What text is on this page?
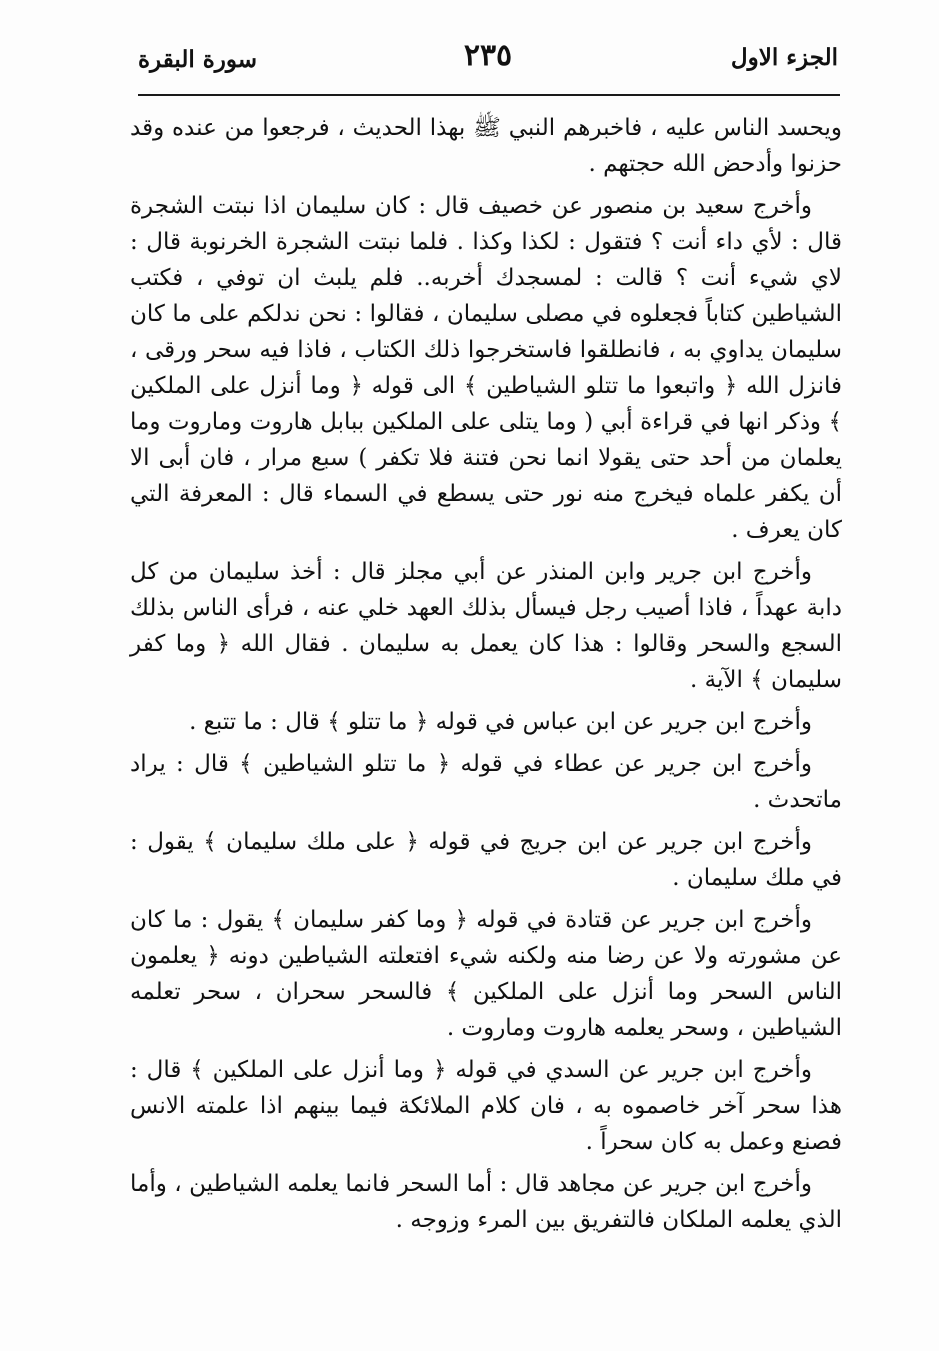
الجزء الاول
٢٣٥
سورة البقرة

ويحسد الناس عليه ، فاخبرهم النبي ﷺ بهذا الحديث ، فرجعوا من عنده وقد حزنوا وأدحض الله حجتهم .

وأخرج سعيد بن منصور عن خصيف قال : كان سليمان اذا نبتت الشجرة قال : لأي داء أنت ؟ فتقول : لكذا وكذا . فلما نبتت الشجرة الخرنوبة قال : لاي شيء أنت ؟ قالت : لمسجدك أخربه.. فلم يلبث ان توفي ، فكتب الشياطين كتاباً فجعلوه في مصلى سليمان ، فقالوا : نحن ندلكم على ما كان سليمان يداوي به ، فانطلقوا فاستخرجوا ذلك الكتاب ، فاذا فيه سحر ورقى ، فانزل الله ﴿ واتبعوا ما تتلو الشياطين ﴾ الى قوله ﴿ وما أنزل على الملكين ﴾ وذكر انها في قراءة أبي ( وما يتلى على الملكين ببابل هاروت وماروت وما يعلمان من أحد حتى يقولا انما نحن فتنة فلا تكفر ) سبع مرار ، فان أبى الا أن يكفر علماه فيخرج منه نور حتى يسطع في السماء قال : المعرفة التي كان يعرف .

وأخرج ابن جرير وابن المنذر عن أبي مجلز قال : أخذ سليمان من كل دابة عهداً ، فاذا أصيب رجل فيسأل بذلك العهد خلي عنه ، فرأى الناس بذلك السجع والسحر وقالوا : هذا كان يعمل به سليمان . فقال الله ﴿ وما كفر سليمان ﴾ الآية .

وأخرج ابن جرير عن ابن عباس في قوله ﴿ ما تتلو ﴾ قال : ما تتبع .

وأخرج ابن جرير عن عطاء في قوله ﴿ ما تتلو الشياطين ﴾ قال : يراد ماتحدث .

وأخرج ابن جرير عن ابن جريج في قوله ﴿ على ملك سليمان ﴾ يقول : في ملك سليمان .

وأخرج ابن جرير عن قتادة في قوله ﴿ وما كفر سليمان ﴾ يقول : ما كان عن مشورته ولا عن رضا منه ولكنه شيء افتعلته الشياطين دونه ﴿ يعلمون الناس السحر وما أنزل على الملكين ﴾ فالسحر سحران ، سحر تعلمه الشياطين ، وسحر يعلمه هاروت وماروت .

وأخرج ابن جرير عن السدي في قوله ﴿ وما أنزل على الملكين ﴾ قال : هذا سحر آخر خاصموه به ، فان كلام الملائكة فيما بينهم اذا علمته الانس فصنع وعمل به كان سحراً .

وأخرج ابن جرير عن مجاهد قال : أما السحر فانما يعلمه الشياطين ، وأما الذي يعلمه الملكان فالتفريق بين المرء وزوجه .
